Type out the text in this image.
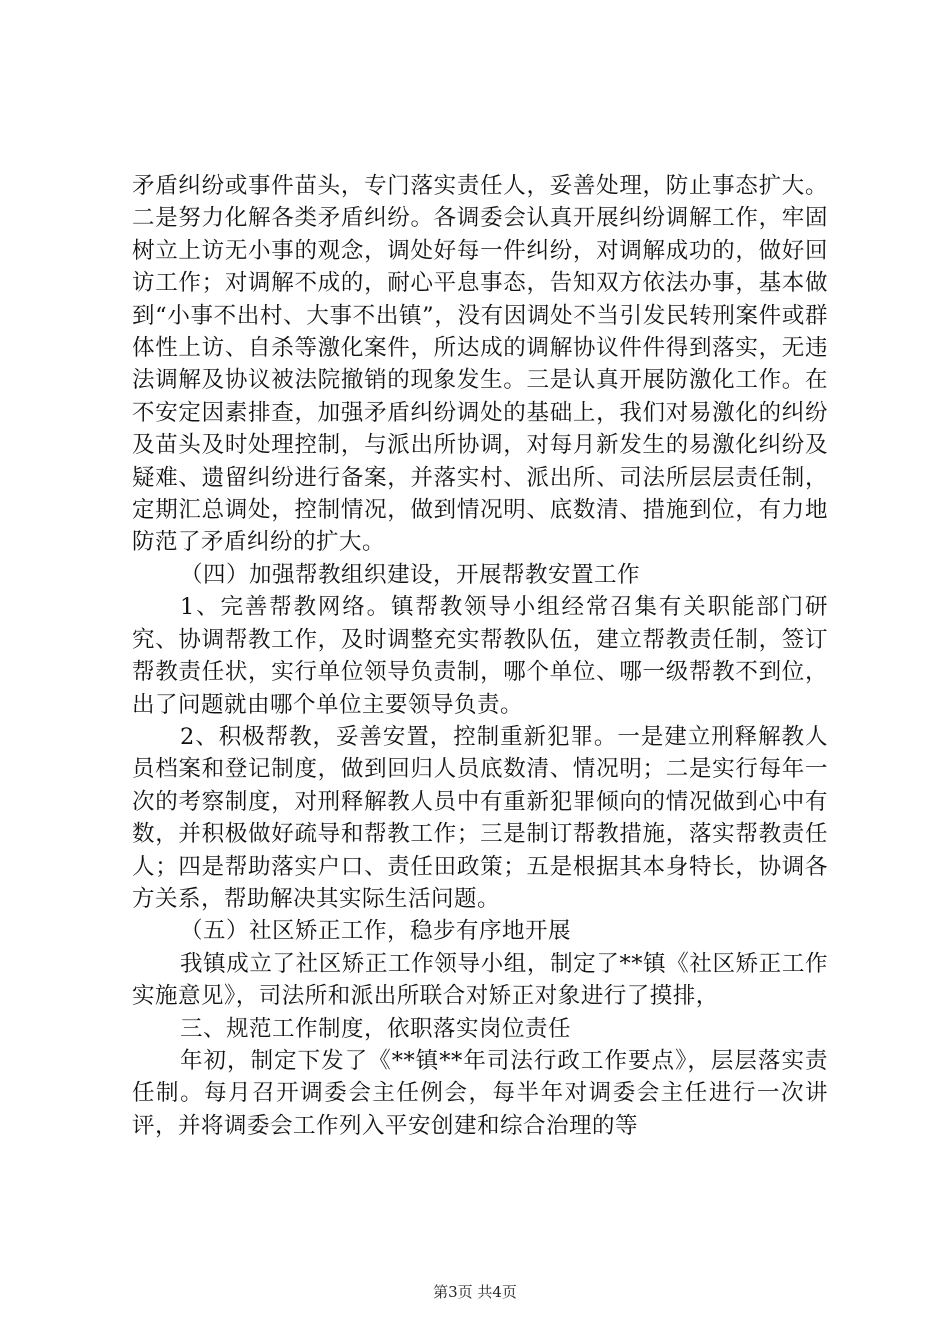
矛盾纠纷或事件苗头，专门落实责任人，妥善处理，防止事态扩大。二是努力化解各类矛盾纠纷。各调委会认真开展纠纷调解工作，牢固树立上访无小事的观念，调处好每一件纠纷，对调解成功的，做好回访工作；对调解不成的，耐心平息事态，告知双方依法办事，基本做到“小事不出村、大事不出镇”，没有因调处不当引发民转刑案件或群体性上访、自杀等激化案件，所达成的调解协议件件得到落实，无违法调解及协议被法院撤销的现象发生。三是认真开展防激化工作。在不安定因素排查，加强矛盾纠纷调处的基础上，我们对易激化的纠纷及苗头及时处理控制，与派出所协调，对每月新发生的易激化纠纷及疑难、遗留纠纷进行备案，并落实村、派出所、司法所层层责任制，定期汇总调处，控制情况，做到情况明、底数清、措施到位，有力地防范了矛盾纠纷的扩大。

（四）加强帮教组织建设，开展帮教安置工作

1、完善帮教网络。镇帮教领导小组经常召集有关职能部门研究、协调帮教工作，及时调整充实帮教队伍，建立帮教责任制，签订帮教责任状，实行单位领导负责制，哪个单位、哪一级帮教不到位，出了问题就由哪个单位主要领导负责。

2、积极帮教，妥善安置，控制重新犯罪。一是建立刑释解教人员档案和登记制度，做到回归人员底数清、情况明；二是实行每年一次的考察制度，对刑释解教人员中有重新犯罪倾向的情况做到心中有数，并积极做好疏导和帮教工作；三是制订帮教措施，落实帮教责任人；四是帮助落实户口、责任田政策；五是根据其本身特长，协调各方关系，帮助解决其实际生活问题。

（五）社区矫正工作，稳步有序地开展

我镇成立了社区矫正工作领导小组，制定了**镇《社区矫正工作实施意见》，司法所和派出所联合对矫正对象进行了摸排，

三、规范工作制度，依职落实岗位责任

年初，制定下发了《**镇**年司法行政工作要点》，层层落实责任制。每月召开调委会主任例会，每半年对调委会主任进行一次讲评，并将调委会工作列入平安创建和综合治理的等

第3页 共4页
